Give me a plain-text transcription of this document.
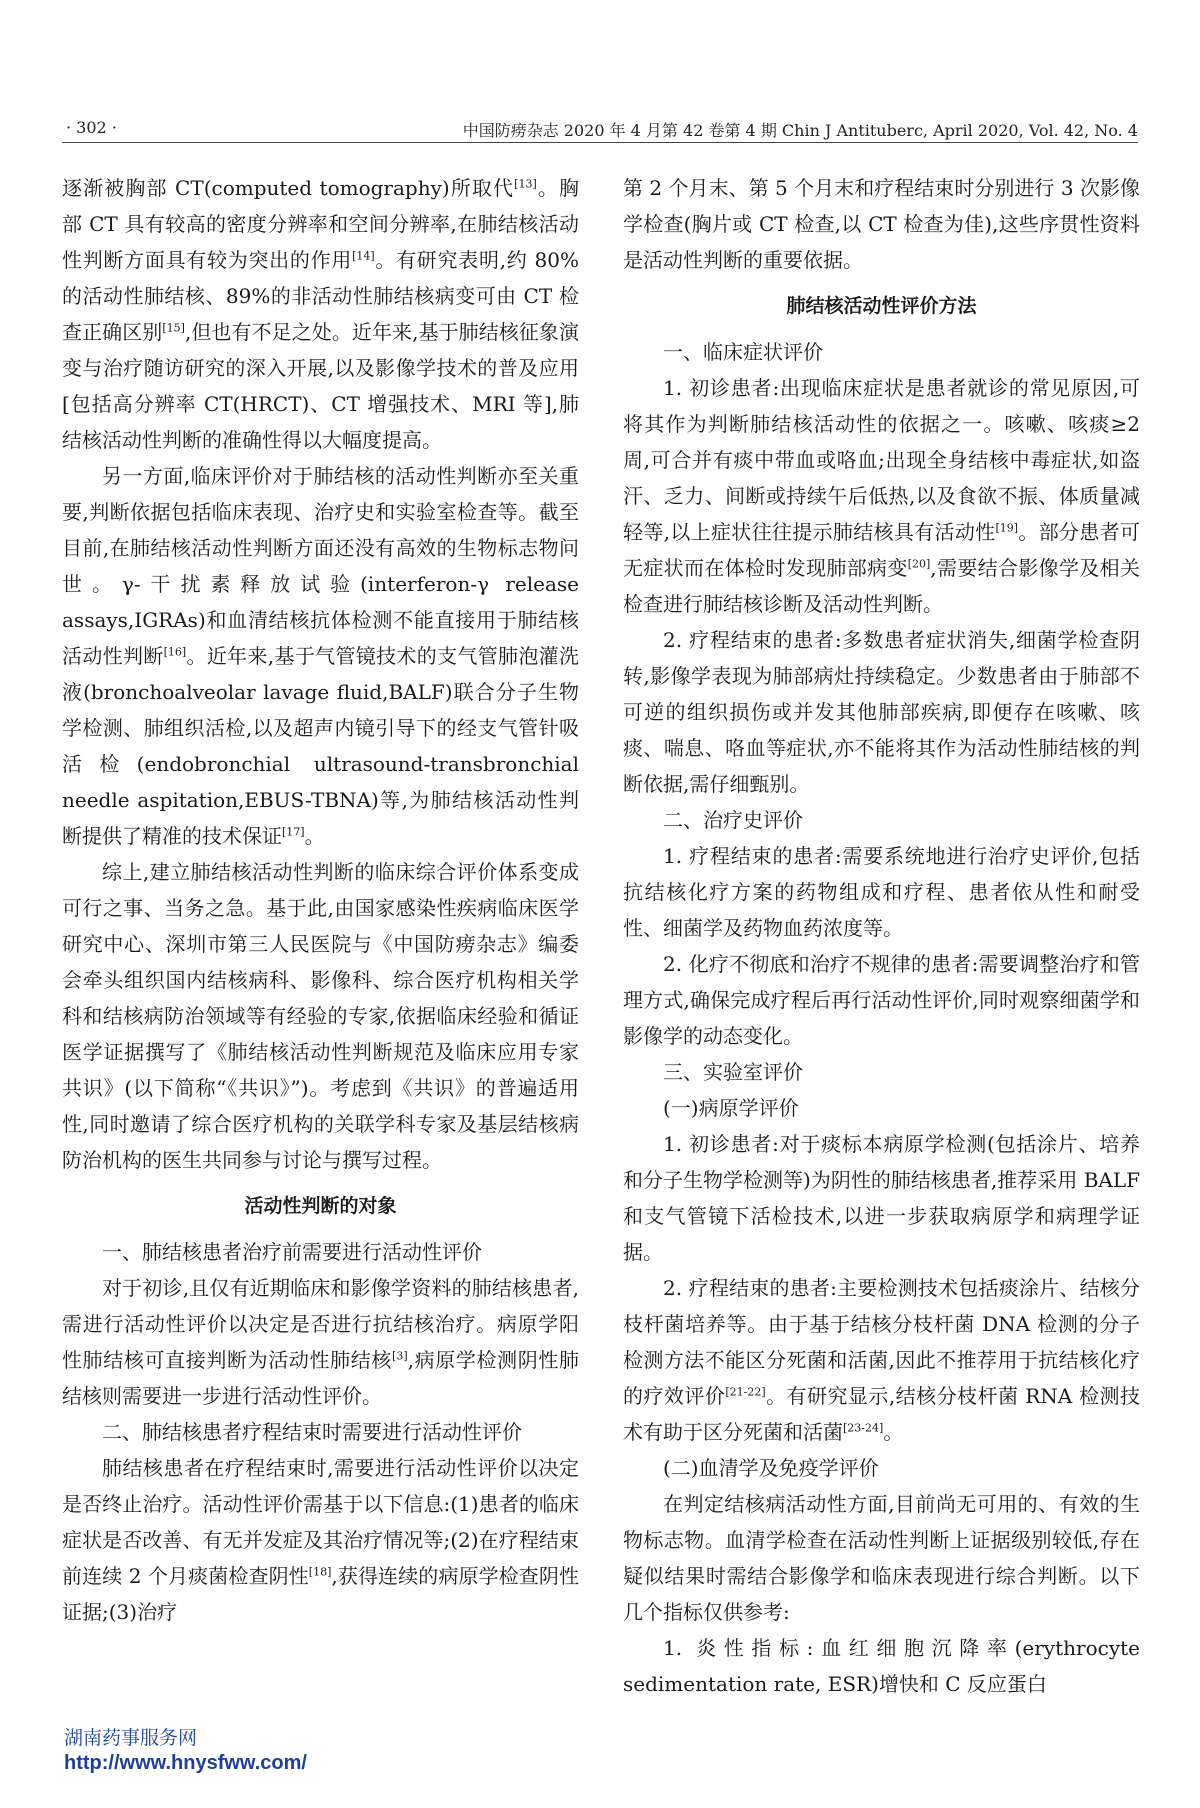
· 302 ·	中国防痨杂志 2020 年 4 月第 42 卷第 4 期 Chin J Antituberc, April 2020, Vol. 42, No. 4

逐渐被胸部 CT(computed tomography)所取代[13]。胸部 CT 具有较高的密度分辨率和空间分辨率,在肺结核活动性判断方面具有较为突出的作用[14]。有研究表明,约 80%的活动性肺结核、89%的非活动性肺结核病变可由 CT 检查正确区别[15],但也有不足之处。近年来,基于肺结核征象演变与治疗随访研究的深入开展,以及影像学技术的普及应用[包括高分辨率 CT(HRCT)、CT 增强技术、MRI 等],肺结核活动性判断的准确性得以大幅度提高。

另一方面,临床评价对于肺结核的活动性判断亦至关重要,判断依据包括临床表现、治疗史和实验室检查等。截至目前,在肺结核活动性判断方面还没有高效的生物标志物问世。γ-干扰素释放试验(interferon-γ release assays,IGRAs)和血清结核抗体检测不能直接用于肺结核活动性判断[16]。近年来,基于气管镜技术的支气管肺泡灌洗液(bronchoalveolar lavage fluid,BALF)联合分子生物学检测、肺组织活检,以及超声内镜引导下的经支气管针吸活检(endobronchial ultrasound-transbronchial needle aspitation,EBUS-TBNA)等,为肺结核活动性判断提供了精准的技术保证[17]。

综上,建立肺结核活动性判断的临床综合评价体系变成可行之事、当务之急。基于此,由国家感染性疾病临床医学研究中心、深圳市第三人民医院与《中国防痨杂志》编委会牵头组织国内结核病科、影像科、综合医疗机构相关学科和结核病防治领域等有经验的专家,依据临床经验和循证医学证据撰写了《肺结核活动性判断规范及临床应用专家共识》(以下简称“《共识》”)。考虑到《共识》的普遍适用性,同时邀请了综合医疗机构的关联学科专家及基层结核病防治机构的医生共同参与讨论与撰写过程。

活动性判断的对象

一、肺结核患者治疗前需要进行活动性评价

对于初诊,且仅有近期临床和影像学资料的肺结核患者,需进行活动性评价以决定是否进行抗结核治疗。病原学阳性肺结核可直接判断为活动性肺结核[3],病原学检测阴性肺结核则需要进一步进行活动性评价。

二、肺结核患者疗程结束时需要进行活动性评价

肺结核患者在疗程结束时,需要进行活动性评价以决定是否终止治疗。活动性评价需基于以下信息:(1)患者的临床症状是否改善、有无并发症及其治疗情况等;(2)在疗程结束前连续 2 个月痰菌检查阴性[18],获得连续的病原学检查阴性证据;(3)治疗

第 2 个月末、第 5 个月末和疗程结束时分别进行 3 次影像学检查(胸片或 CT 检查,以 CT 检查为佳),这些序贯性资料是活动性判断的重要依据。

肺结核活动性评价方法

一、临床症状评价

1. 初诊患者:出现临床症状是患者就诊的常见原因,可将其作为判断肺结核活动性的依据之一。咳嗽、咳痰≥2 周,可合并有痰中带血或咯血;出现全身结核中毒症状,如盗汗、乏力、间断或持续午后低热,以及食欲不振、体质量减轻等,以上症状往往提示肺结核具有活动性[19]。部分患者可无症状而在体检时发现肺部病变[20],需要结合影像学及相关检查进行肺结核诊断及活动性判断。

2. 疗程结束的患者:多数患者症状消失,细菌学检查阴转,影像学表现为肺部病灶持续稳定。少数患者由于肺部不可逆的组织损伤或并发其他肺部疾病,即便存在咳嗽、咳痰、喘息、咯血等症状,亦不能将其作为活动性肺结核的判断依据,需仔细甄别。

二、治疗史评价

1. 疗程结束的患者:需要系统地进行治疗史评价,包括抗结核化疗方案的药物组成和疗程、患者依从性和耐受性、细菌学及药物血药浓度等。

2. 化疗不彻底和治疗不规律的患者:需要调整治疗和管理方式,确保完成疗程后再行活动性评价,同时观察细菌学和影像学的动态变化。

三、实验室评价

(一)病原学评价

1. 初诊患者:对于痰标本病原学检测(包括涂片、培养和分子生物学检测等)为阴性的肺结核患者,推荐采用 BALF 和支气管镜下活检技术,以进一步获取病原学和病理学证据。

2. 疗程结束的患者:主要检测技术包括痰涂片、结核分枝杆菌培养等。由于基于结核分枝杆菌 DNA 检测的分子检测方法不能区分死菌和活菌,因此不推荐用于抗结核化疗的疗效评价[21-22]。有研究显示,结核分枝杆菌 RNA 检测技术有助于区分死菌和活菌[23-24]。

(二)血清学及免疫学评价

在判定结核病活动性方面,目前尚无可用的、有效的生物标志物。血清学检查在活动性判断上证据级别较低,存在疑似结果时需结合影像学和临床表现进行综合判断。以下几个指标仅供参考:

1. 炎性指标:血红细胞沉降率(erythrocyte sedimentation rate, ESR)增快和 C 反应蛋白

湖南药事服务网
http://www.hnysfww.com/
